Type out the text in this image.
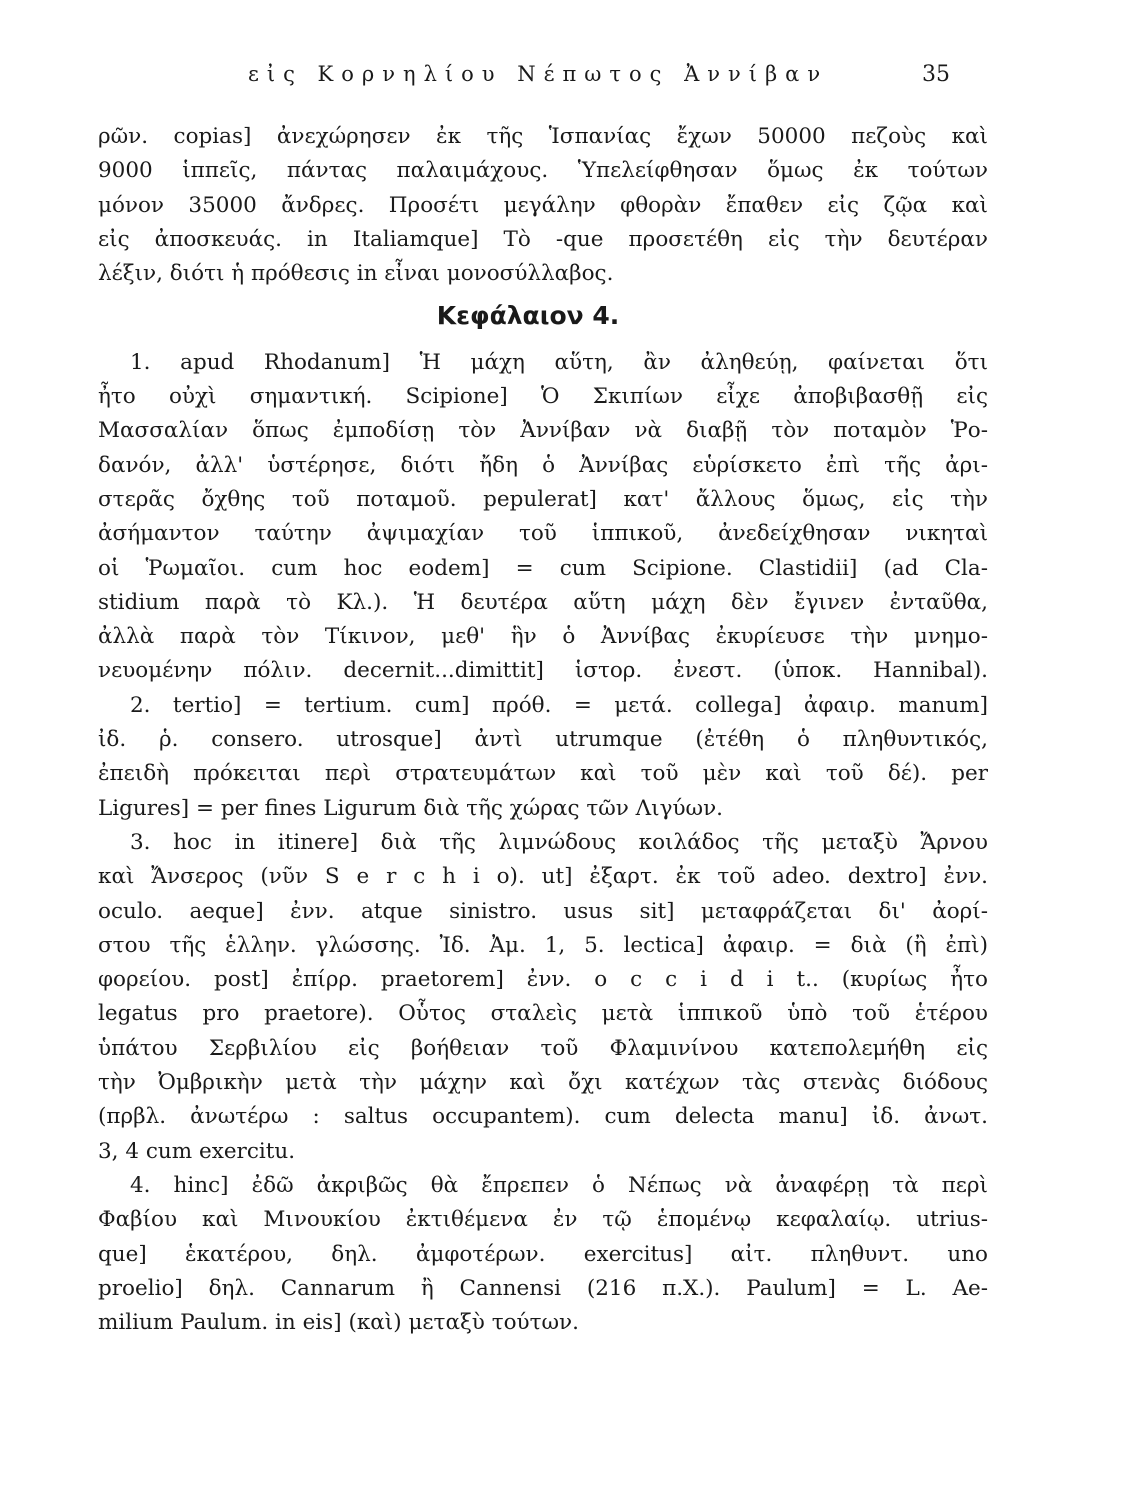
εἰς Κορνηλίου Νέπωτος Ἀννίβαν	35
ρῶν. copias] ἀνεχώρησεν ἐκ τῆς Ἱσπανίας ἔχων 50000 πεζοὺς καὶ
9000 ἱππεῖς, πάντας παλαιμάχους. Ὑπελείφθησαν ὅμως ἐκ τούτων
μόνον 35000 ἄνδρες. Προσέτι μεγάλην φθορὰν ἔπαθεν εἰς ζῷα καὶ
εἰς ἀποσκευάς. in Italiamque] Τὸ -que προσετέθη εἰς τὴν δευτέραν
λέξιν, διότι ἡ πρόθεσις in εἶναι μονοσύλλαβος.
Κεφάλαιον 4.
1. apud Rhodanum] Ἡ μάχη αὕτη, ἂν ἀληθεύῃ, φαίνεται ὅτι
ἦτο οὐχὶ σημαντική. Scipione] Ὁ Σκιπίων εἶχε ἀποβιβασθῇ εἰς
Μασσαλίαν ὅπως ἐμποδίσῃ τὸν Ἀννίβαν νὰ διαβῇ τὸν ποταμὸν Ῥο-
δανόν, ἀλλ' ὑστέρησε, διότι ἤδη ὁ Ἀννίβας εὑρίσκετο ἐπὶ τῆς ἀρι-
στερᾶς ὄχθης τοῦ ποταμοῦ. pepulerat] κατ' ἄλλους ὅμως, εἰς τὴν
ἀσήμαντον ταύτην ἀψιμαχίαν τοῦ ἱππικοῦ, ἀνεδείχθησαν νικηταὶ
οἱ Ῥωμαῖοι. cum hoc eodem] = cum Scipione. Clastidii] (ad Cla-
stidium παρὰ τὸ Κλ.). Ἡ δευτέρα αὕτη μάχη δὲν ἔγινεν ἐνταῦθα,
ἀλλὰ παρὰ τὸν Τίκινον, μεθ' ἣν ὁ Ἀννίβας ἐκυρίευσε τὴν μνημο-
νευομένην πόλιν. decernit...dimittit] ἱστορ. ἐνεστ. (ὑποκ. Hannibal).
2. tertio] = tertium. cum] πρόθ. = μετά. collega] ἀφαιρ. manum]
ἰδ. ῥ. consero. utrosque] ἀντὶ utrumque (ἐτέθη ὁ πληθυντικός,
ἐπειδὴ πρόκειται περὶ στρατευμάτων καὶ τοῦ μὲν καὶ τοῦ δέ). per
Ligures] = per fines Ligurum διὰ τῆς χώρας τῶν Λιγύων.
3. hoc in itinere] διὰ τῆς λιμνώδους κοιλάδος τῆς μεταξὺ Ἄρνου
καὶ Ἄνσερος (νῦν S e r c h i o). ut] ἐξαρτ. ἐκ τοῦ adeo. dextro] ἐνν.
oculo. aeque] ἐνν. atque sinistro. usus sit] μεταφράζεται δι' ἀορί-
στου τῆς ἑλλην. γλώσσης. Ἰδ. Ἀμ. 1, 5. lectica] ἀφαιρ. = διὰ (ἢ ἐπὶ)
φορείου. post] ἐπίρρ. praetorem] ἐνν. o c c i d i t.. (κυρίως ἦτο
legatus pro praetore). Οὗτος σταλεὶς μετὰ ἱππικοῦ ὑπὸ τοῦ ἑτέρου
ὑπάτου Σερβιλίου εἰς βοήθειαν τοῦ Φλαμινίνου κατεπολεμήθη εἰς
τὴν Ὀμβρικὴν μετὰ τὴν μάχην καὶ ὄχι κατέχων τὰς στενὰς διόδους
(πρβλ. ἀνωτέρω : saltus occupantem). cum delecta manu] ἰδ. ἀνωτ.
3, 4 cum exercitu.
4. hinc] ἐδῶ ἀκριβῶς θὰ ἔπρεπεν ὁ Νέπως νὰ ἀναφέρῃ τὰ περὶ
Φαβίου καὶ Μινουκίου ἐκτιθέμενα ἐν τῷ ἑπομένῳ κεφαλαίῳ. utrius-
que] ἑκατέρου, δηλ. ἀμφοτέρων. exercitus] αἰτ. πληθυντ. uno
proelio] δηλ. Cannarum ἢ Cannensi (216 π.Χ.). Paulum] = L. Ae-
milium Paulum. in eis] (καὶ) μεταξὺ τούτων.
